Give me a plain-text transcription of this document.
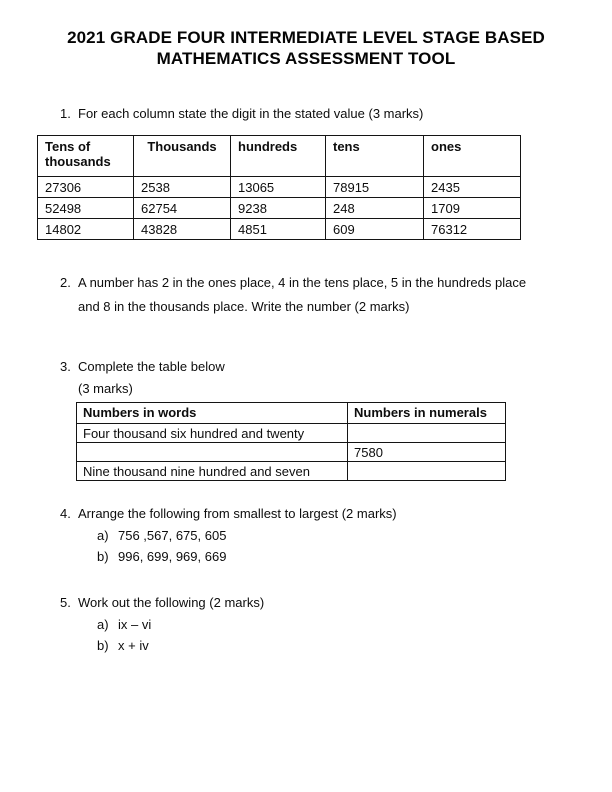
2021 GRADE FOUR INTERMEDIATE LEVEL STAGE BASED
MATHEMATICS ASSESSMENT TOOL
1. For each column state the digit in the stated value (3 marks)
Tens of thousands	Thousands	hundreds	tens	ones
27306	2538	13065	78915	2435
52498	62754	9238	248	1709
14802	43828	4851	609	76312
2. A number has 2 in the ones place, 4 in the tens place, 5 in the hundreds place and 8 in the thousands place. Write the number (2 marks)
3. Complete the table below
(3 marks)
Numbers in words	Numbers in numerals
Four thousand six hundred and twenty	
	7580
Nine thousand nine hundred and seven	
4. Arrange the following from smallest to largest (2 marks)
a) 756 ,567, 675, 605
b) 996, 699, 969, 669
5. Work out the following (2 marks)
a) ix – vi
b) x + iv
